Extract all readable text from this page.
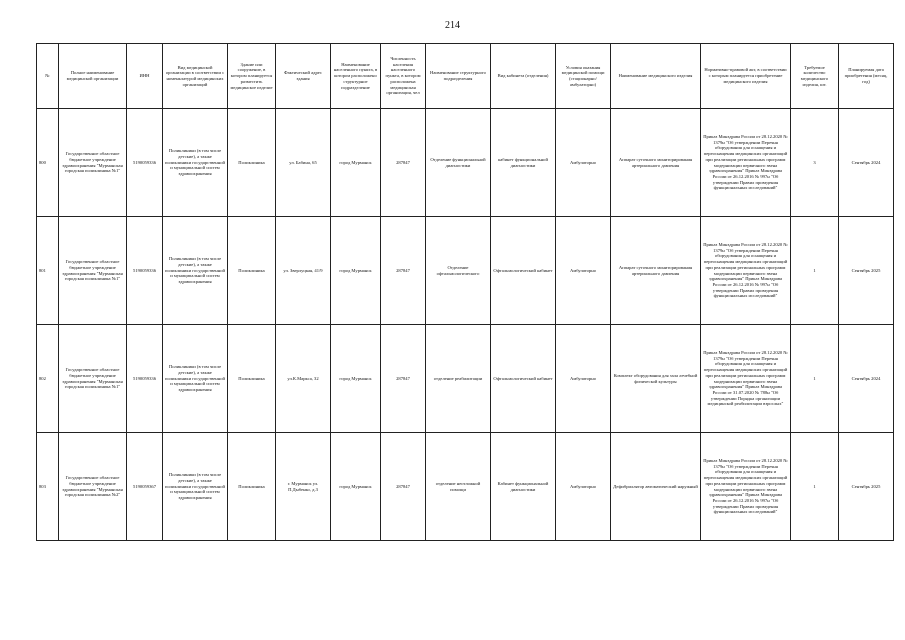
214
№	Полное наименование медицинской организации	ИНН	Вид медицинской организации в соответствии с номенклатурой медицинских организаций	Здание или сооружение, в котором планируется разместить медицинское изделие	Фактический адрес здания	Наименование населенного пункта, в котором расположено структурное подразделение	Численность населения населенного пункта, в котором расположена медицинская организация, чел	Наименование структурного подразделения	Вид кабинета (отделения)	Условия оказания медицинской помощи (стационарно/амбулаторно)	Наименование медицинского изделия	Нормативно-правовой акт, в соответствии с которым планируется приобретение медицинского изделия	Требуемое количество медицинского изделия, шт.	Планируемая дата приобретения (месяц, год)
800	Государственное областное бюджетное учреждение здравоохранения "Мурманская городская поликлиника №1"	5190059336	Поликлиники (в том числе детские), а также поликлиники государственной и муниципальной систем здравоохранения	Поликлиника	ул. Бабина, 65	город Мурманск	287847	Отделение функциональной диагностики	кабинет функциональной диагностики	Амбулаторно	Аппарат суточного мониторирования артериального давления	Приказ Минздрава России от 28.12.2020 № 1379н "Об утверждении Перечня оборудования для оснащения и переоснащения медицинских организаций при реализации региональных программ модернизации первичного звена здравоохранения" Приказ Минздрава России от 26.12.2016 № 997н "Об утверждении Правил проведения функциональных исследований"	3	Сентябрь 2024
801	Государственное областное бюджетное учреждение здравоохранения "Мурманская городская поликлиника №1"	5190059336	Поликлиники (в том числе детские), а также поликлиники государственной и муниципальной систем здравоохранения	Поликлиника	ул. Зверлуцкая, 41/9	город Мурманск	287847	Отделение офтальмологического	Офтальмологический кабинет	Амбулаторно	Аппарат суточного мониторирования артериального давления	Приказ Минздрава России от 28.12.2020 № 1379н "Об утверждении Перечня оборудования для оснащения и переоснащения медицинских организаций при реализации региональных программ модернизации первичного звена здравоохранения" Приказ Минздрава России от 26.12.2016 № 997н "Об утверждении Правил проведения функциональных исследований"	1	Сентябрь 2025
802	Государственное областное бюджетное учреждение здравоохранения "Мурманская городская поликлиника №1"	5190059336	Поликлиники (в том числе детские), а также поликлиники государственной и муниципальной систем здравоохранения	Поликлиника	ул.К.Маркса, 32	город Мурманск	287847	отделение реабилитации	Офтальмологический кабинет	Амбулаторно	Комплект оборудования для зала лечебной физической культуры	Приказ Минздрава России от 28.12.2020 № 1379н "Об утверждении Перечня оборудования для оснащения и переоснащения медицинских организаций при реализации региональных программ модернизации первичного звена здравоохранения" Приказ Минздрава России от 31.07.2020 № 788н "Об утверждении Порядка организации медицинской реабилитации взрослых"	1	Сентябрь 2024
803	Государственное областное бюджетное учреждение здравоохранения "Мурманская городская поликлиника №2"	5190059367	Поликлиники (в том числе детские), а также поликлиники государственной и муниципальной систем здравоохранения	Поликлиника	г. Мурманск ул. П.Дыбенко, д.3	город Мурманск	287847	отделение неотложной помощи	Кабинет функциональной диагностики	Амбулаторно	Дефибриллятор автоматический наружный	Приказ Минздрава России от 28.12.2020 № 1379н "Об утверждении Перечня оборудования для оснащения и переоснащения медицинских организаций при реализации региональных программ модернизации первичного звена здравоохранения" Приказ Минздрава России от 26.12.2016 № 997н "Об утверждении Правил проведения функциональных исследований"	1	Сентябрь 2025
